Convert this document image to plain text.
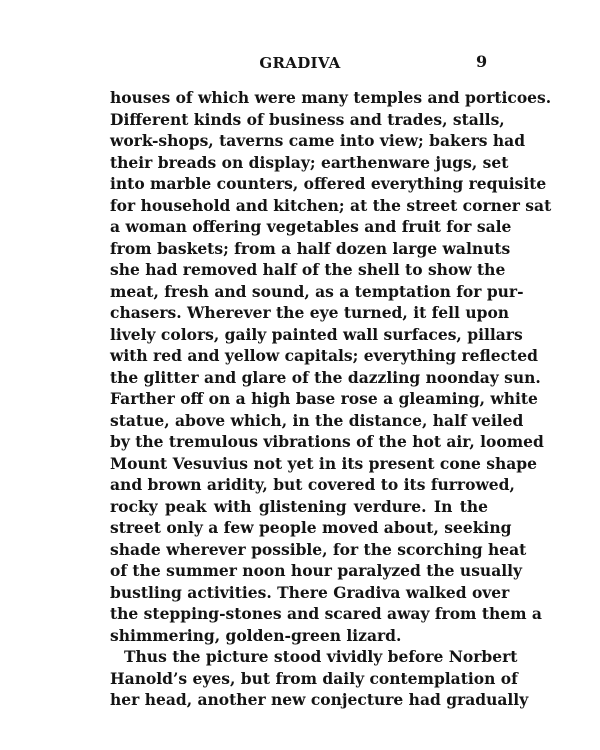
GRADIVA	9
houses of which were many temples and porticoes.
Different kinds of business and trades, stalls,
work-shops, taverns came into view; bakers had
their breads on display; earthenware jugs, set
into marble counters, offered everything requisite
for household and kitchen; at the street corner sat
a woman offering vegetables and fruit for sale
from baskets; from a half dozen large walnuts
she had removed half of the shell to show the
meat, fresh and sound, as a temptation for pur-
chasers. Wherever the eye turned, it fell upon
lively colors, gaily painted wall surfaces, pillars
with red and yellow capitals; everything reflected
the glitter and glare of the dazzling noonday sun.
Farther off on a high base rose a gleaming, white
statue, above which, in the distance, half veiled
by the tremulous vibrations of the hot air, loomed
Mount Vesuvius not yet in its present cone shape
and brown aridity, but covered to its furrowed,
rocky peak with glistening verdure. In the
street only a few people moved about, seeking
shade wherever possible, for the scorching heat
of the summer noon hour paralyzed the usually
bustling activities. There Gradiva walked over
the stepping-stones and scared away from them a
shimmering, golden-green lizard.
Thus the picture stood vividly before Norbert
Hanold’s eyes, but from daily contemplation of
her head, another new conjecture had gradually
